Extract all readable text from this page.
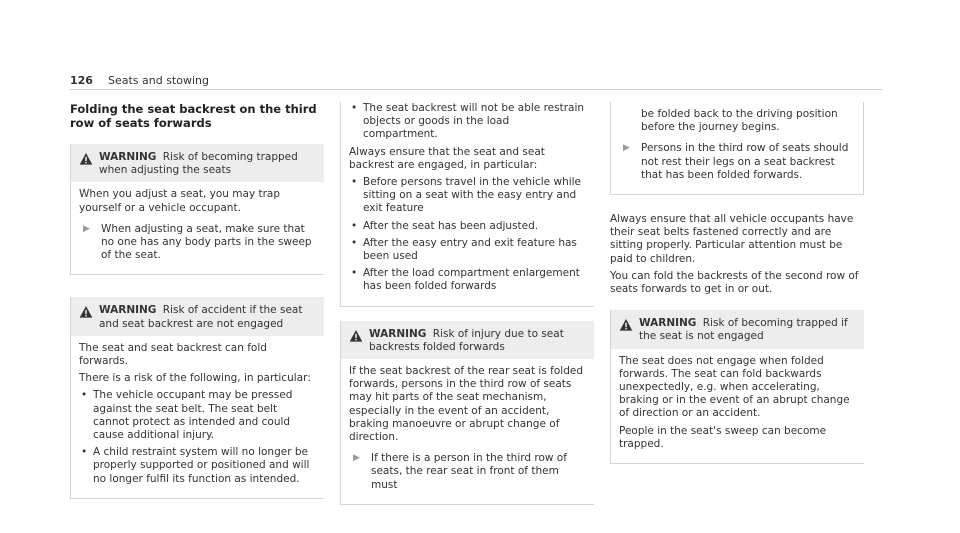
126 Seats and stowing
Folding the seat backrest on the third row of seats forwards
WARNING Risk of becoming trapped when adjusting the seats

When you adjust a seat, you may trap yourself or a vehicle occupant.

▶	When adjusting a seat, make sure that no one has any body parts in the sweep of the seat.
WARNING Risk of accident if the seat and seat backrest are not engaged

The seat and seat backrest can fold forwards.

There is a risk of the following, in particular:

• The vehicle occupant may be pressed against the seat belt. The seat belt cannot protect as intended and could cause additional injury.
• A child restraint system will no longer be properly supported or positioned and will no longer fulfil its function as intended.
• The seat backrest will not be able restrain objects or goods in the load compartment.

Always ensure that the seat and seat backrest are engaged, in particular:

• Before persons travel in the vehicle while sitting on a seat with the easy entry and exit feature
• After the seat has been adjusted.
• After the easy entry and exit feature has been used
• After the load compartment enlargement has been folded forwards
WARNING Risk of injury due to seat backrests folded forwards

If the seat backrest of the rear seat is folded forwards, persons in the third row of seats may hit parts of the seat mechanism, especially in the event of an accident, braking manoeuvre or abrupt change of direction.

▶	If there is a person in the third row of seats, the rear seat in front of them must

be folded back to the driving position before the journey begins.

▶	Persons in the third row of seats should not rest their legs on a seat backrest that has been folded forwards.

Always ensure that all vehicle occupants have their seat belts fastened correctly and are sitting properly. Particular attention must be paid to children.

You can fold the backrests of the second row of seats forwards to get in or out.

WARNING Risk of becoming trapped if the seat is not engaged

The seat does not engage when folded forwards. The seat can fold backwards unexpectedly, e.g. when accelerating, braking or in the event of an abrupt change of direction or an accident.

People in the seat's sweep can become trapped.
